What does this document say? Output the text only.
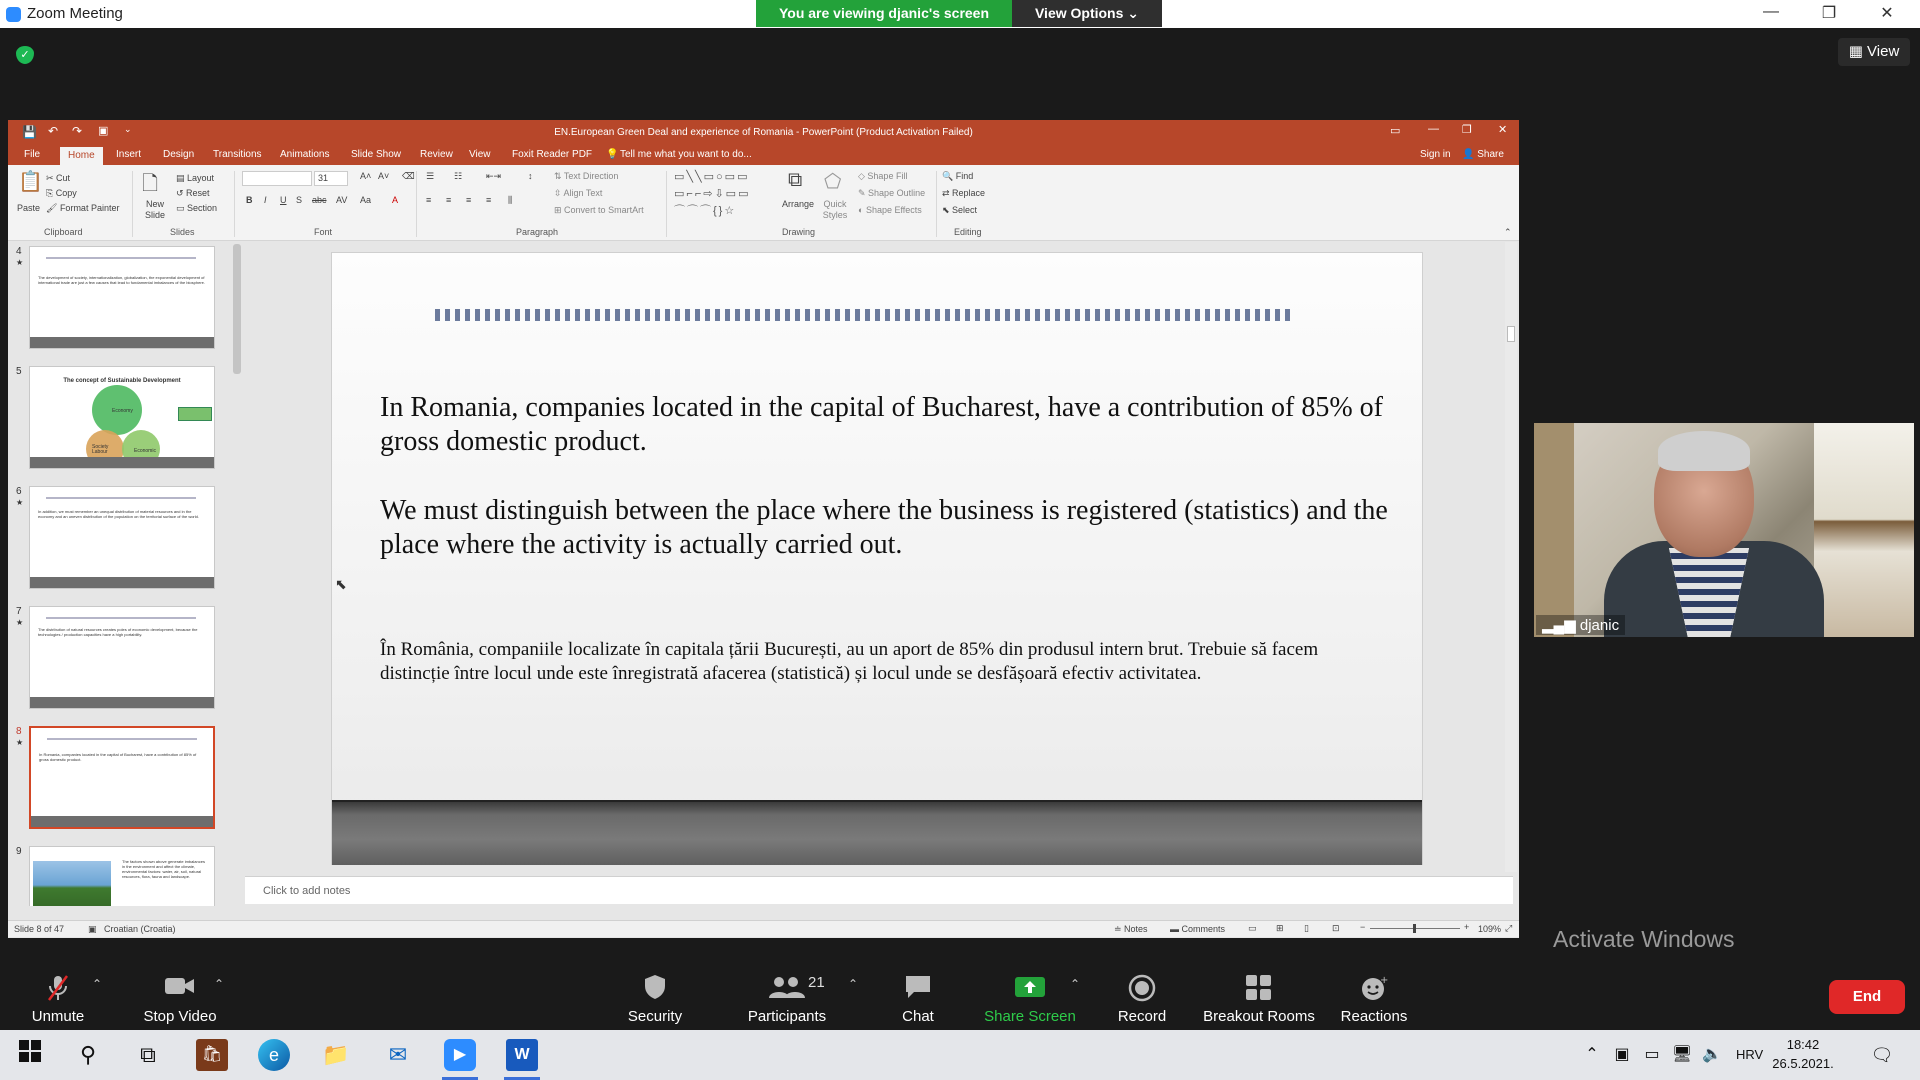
Zoom Meeting	—	❐	✕
You are viewing djanic's screen	View Options ⌄
✓	▦ View
💾 ↶ ↷ ▣ ⌄	EN.European Green Deal and experience of Romania - PowerPoint (Product Activation Failed)	▭	— ❐ ✕
File	Home	Insert Design Transitions Animations Slide Show Review View Foxit Reader PDF 💡 Tell me what you want to do...	Sign in 👤 Share
📋
Paste
✂ Cut
⎘ Copy
🖌 Format Painter
Clipboard
🗋
New Slide
▤ Layout
↺ Reset
▭ Section
Slides
31	A˄ A˅ ⌫
B I U S abc AV Aa A
Font
☰ ☷	⇤⇥	↕
≡ ≡ ≡ ≡ ⫼
⇅ Text Direction
⇳ Align Text
⊞ Convert to SmartArt
Paragraph
▭╲╲▭○▭▭
▭⌐⌐⇨⇩▭▭
⌒⌒⌒{}☆
⧉
Arrange
⬠
Quick Styles
◇ Shape Fill
✎ Shape Outline
◐ Shape Effects
Drawing
🔍 Find
⇄ Replace
⬉ Select
Editing	⌃
4
★
The development of society, internationalization, globalization, the exponential development of international trade are just a few causes that lead to fundamental imbalances of the biosphere.
5
The concept of Sustainable Development
Economy
Society Labour	Economic
6
★
In addition, we must remember an unequal distribution of material resources and in the economy and an uneven distribution of the population on the territorial surface of the world.
7
★
The distribution of natural resources creates poles of economic development, because the technologies / production capacities have a high portability.
8
★
In Romania, companies located in the capital of Bucharest, have a contribution of 85% of gross domestic product.
9
The factors shown above generate imbalances in the environment and affect the climate, environmental factors: water, air, soil, natural resources, flora, fauna and landscape.
Click to add notes
Slide 8 of 47	▣ Croatian (Croatia)	≐ Notes ▬ Comments	▭ ⊞ ▯	⊡ −	+ 109% ⤢
In Romania, companies located in the capital of Bucharest, have a contribution of 85% of gross domestic product.
We must distinguish between the place where the business is registered (statistics) and the place where the activity is actually carried out.
În România, companiile localizate în capitala țării București, au un aport de 85% din produsul intern brut. Trebuie să facem distincție între locul unde este înregistrată afacerea (statistică) și locul unde se desfășoară efectiv activitatea.
⬉
▂▄▆ djanic
Activate Windows
Unmute
⌃
Stop Video
⌃
Security	Participants
21 ⌃
Chat	Share Screen
⌃
Record	Breakout Rooms
+
Reactions
End
⚲	⧉	🛍	e	📁	✉	▶	W	⌃ ▣ ▭ 🖥 🔈	HRV	🗨
18:42
26.5.2021.
